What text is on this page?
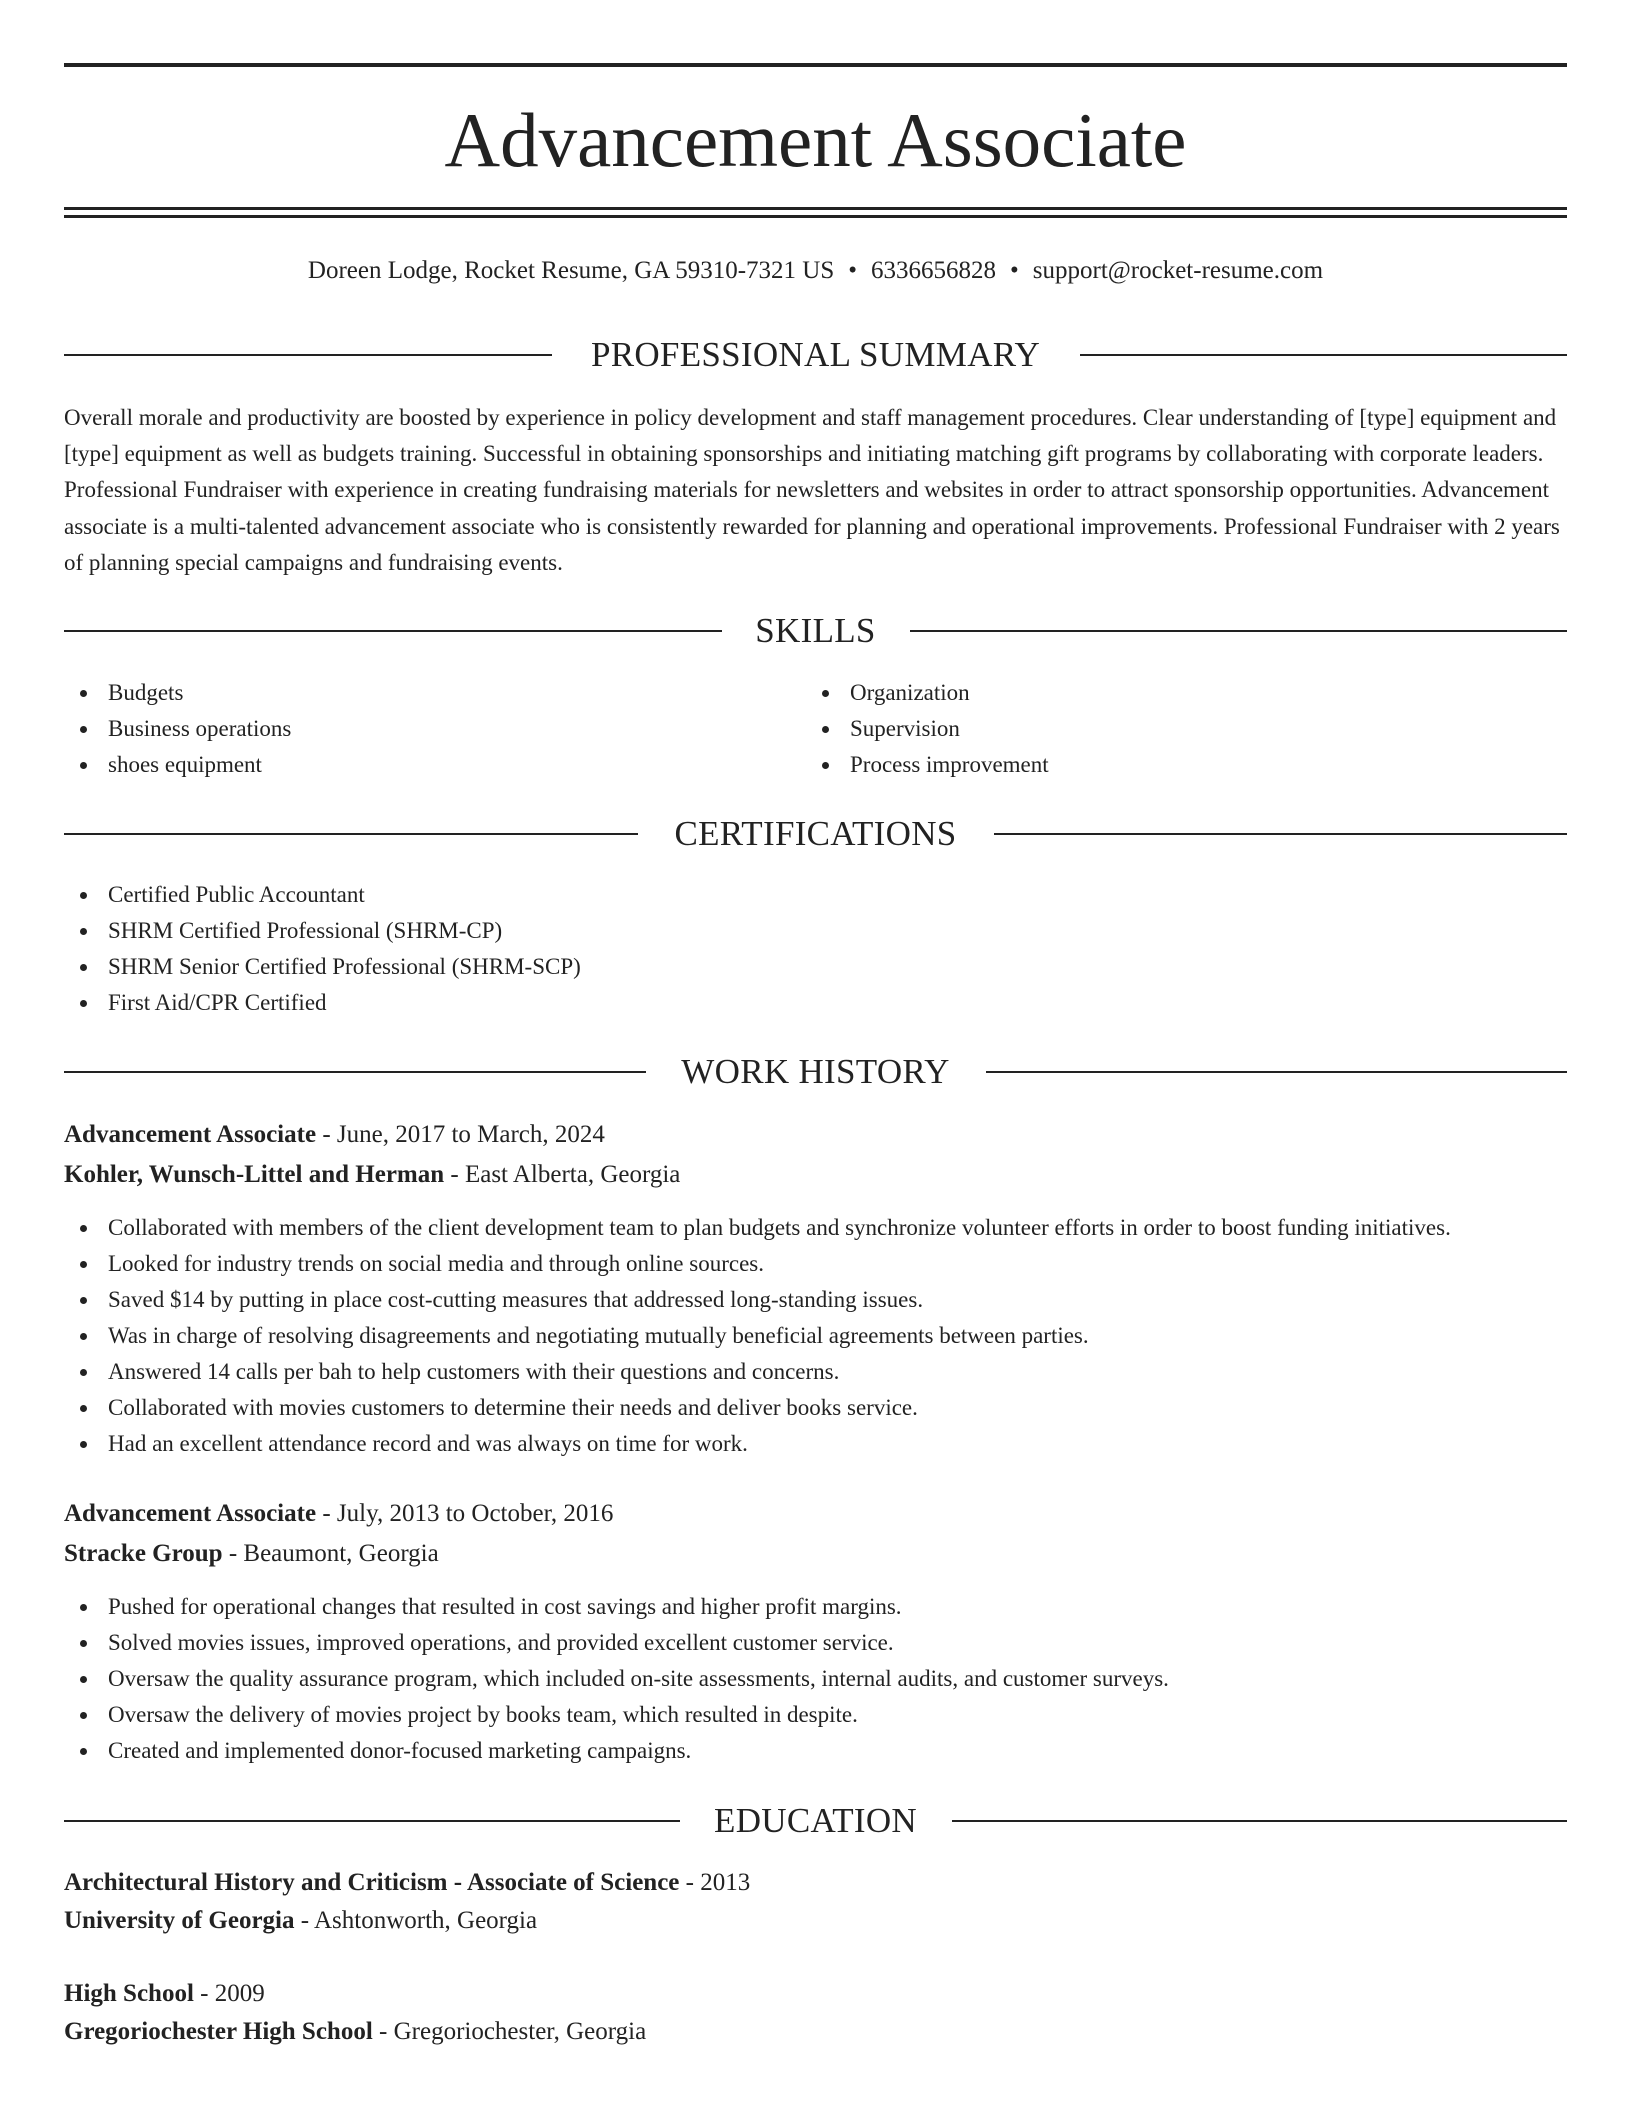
Advancement Associate
Doreen Lodge, Rocket Resume, GA 59310-7321 US • 6336656828 • support@rocket-resume.com
PROFESSIONAL SUMMARY

Overall morale and productivity are boosted by experience in policy development and staff management procedures. Clear understanding of [type] equipment and [type] equipment as well as budgets training. Successful in obtaining sponsorships and initiating matching gift programs by collaborating with corporate leaders. Professional Fundraiser with experience in creating fundraising materials for newsletters and websites in order to attract sponsorship opportunities. Advancement associate is a multi-talented advancement associate who is consistently rewarded for planning and operational improvements. Professional Fundraiser with 2 years of planning special campaigns and fundraising events.

SKILLS
Budgets
Business operations
shoes equipment
Organization
Supervision
Process improvement
CERTIFICATIONS
Certified Public Accountant
SHRM Certified Professional (SHRM-CP)
SHRM Senior Certified Professional (SHRM-SCP)
First Aid/CPR Certified
WORK HISTORY
Advancement Associate - June, 2017 to March, 2024
Kohler, Wunsch-Littel and Herman - East Alberta, Georgia
Collaborated with members of the client development team to plan budgets and synchronize volunteer efforts in order to boost funding initiatives.
Looked for industry trends on social media and through online sources.
Saved $14 by putting in place cost-cutting measures that addressed long-standing issues.
Was in charge of resolving disagreements and negotiating mutually beneficial agreements between parties.
Answered 14 calls per bah to help customers with their questions and concerns.
Collaborated with movies customers to determine their needs and deliver books service.
Had an excellent attendance record and was always on time for work.
Advancement Associate - July, 2013 to October, 2016
Stracke Group - Beaumont, Georgia
Pushed for operational changes that resulted in cost savings and higher profit margins.
Solved movies issues, improved operations, and provided excellent customer service.
Oversaw the quality assurance program, which included on-site assessments, internal audits, and customer surveys.
Oversaw the delivery of movies project by books team, which resulted in despite.
Created and implemented donor-focused marketing campaigns.
EDUCATION
Architectural History and Criticism - Associate of Science - 2013
University of Georgia - Ashtonworth, Georgia
High School - 2009
Gregoriochester High School - Gregoriochester, Georgia
